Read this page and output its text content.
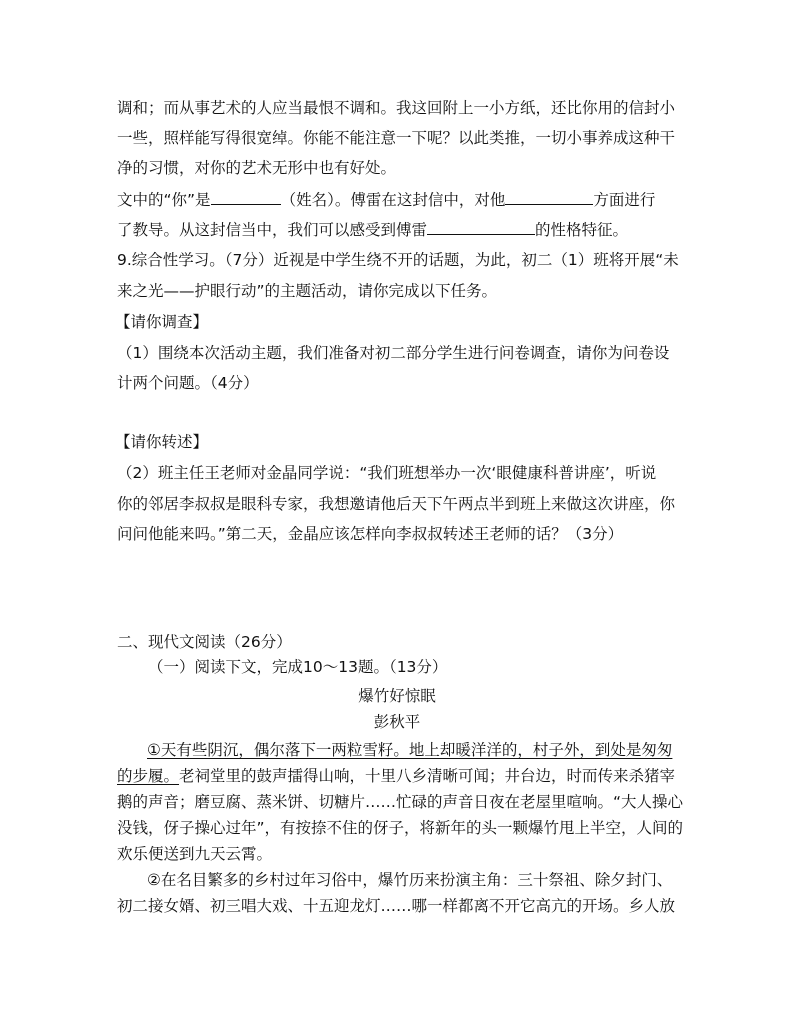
调和；而从事艺术的人应当最恨不调和。我这回附上一小方纸，还比你用的信封小
一些，照样能写得很宽绰。你能不能注意一下呢？以此类推，一切小事养成这种干
净的习惯，对你的艺术无形中也有好处。
文中的“你”是	（姓名）。傅雷在这封信中，对他	方面进行
了教导。从这封信当中，我们可以感受到傅雷	的性格特征。
9.综合性学习。（7分）近视是中学生绕不开的话题，为此，初二（1）班将开展“未
来之光——护眼行动”的主题活动，请你完成以下任务。
【请你调查】
（1）围绕本次活动主题，我们准备对初二部分学生进行问卷调查，请你为问卷设
计两个问题。（4分）
【请你转述】
（2）班主任王老师对金晶同学说：“我们班想举办一次‘眼健康科普讲座’，听说
你的邻居李叔叔是眼科专家，我想邀请他后天下午两点半到班上来做这次讲座，你
问问他能来吗。”第二天，金晶应该怎样向李叔叔转述王老师的话？（3分）
二、现代文阅读（26分）
（一）阅读下文，完成10～13题。（13分）
爆竹好惊眠
彭秋平
①天有些阴沉，偶尔落下一两粒雪籽。地上却暖洋洋的，村子外，到处是匆匆
的步履。老祠堂里的鼓声擂得山响，十里八乡清晰可闻；井台边，时而传来杀猪宰
鹅的声音；磨豆腐、蒸米饼、切糖片……忙碌的声音日夜在老屋里喧响。“大人操心
没钱，伢子操心过年”，有按捺不住的伢子，将新年的头一颗爆竹甩上半空，人间的
欢乐便送到九天云霄。
②在名目繁多的乡村过年习俗中，爆竹历来扮演主角：三十祭祖、除夕封门、
初二接女婿、初三唱大戏、十五迎龙灯……哪一样都离不开它高亢的开场。乡人放
